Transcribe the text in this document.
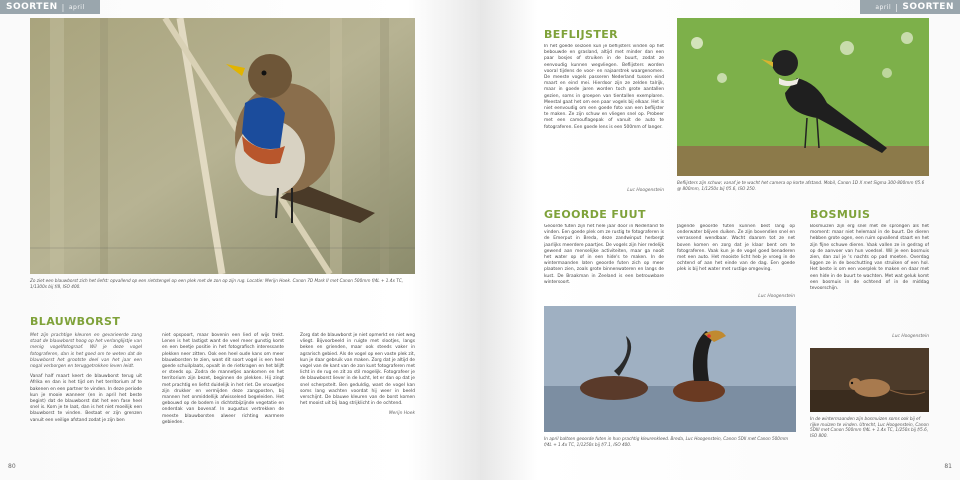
SOORTEN | april
Zo ziet een blauwborst zich het liefst: opvallend op een rietstengel op een plek met de zon op zijn rug. Locatie: Merijn Hoek. Canon 7D Mark II met Canon 500mm f/4L + 1.4x TC, 1/1300s bij f/8, ISO 400.
BLAUWBORST

Met zijn prachtige kleuren en gevarieerde zang staat de blauwborst hoog op het verlanglijstje van menig vogelfotograaf. Wil je deze vogel fotograferen, dan is het goed om te weten dat de blauwborst het grootste deel van het jaar een nogal verborgen en teruggetrokken leven leidt.

Vanaf half maart keert de blauwborst terug uit Afrika en dan is het tijd om het territorium af te bakenen en een partner te vinden. In deze periode kun je mooie wanneer (en in april het beste begint) dat de blauwborst dat het een fase heel snel is. Kom je te laat, dan is het niet moeilijk een blauwborst te vinden. Bestaat er zijn grenzen vanuit een veilige afstand zodat je zijn ben

niet opspoort, maar bovenin een lied of wijs trekt. Lenen is het lastigst want de veel meer gunstig komt en een beetje positie in het fotografisch interessante plekken neer zitten. Ook een heel oude kans om meer blauwborsten te zien, want dit soort vogel is een heel goede schuilplaats, opvalt in de rietkragen en het blijft er steeds op. Zodra de mannetjes aankomen en het territorium zijn bezet, beginnen de plekken. Hij zingt met prachtig en liefst duidelijk in het riet. De vrouwtjes zijn drukker en vermijden deze zangposten, bij mannen het onmiddellijk afwisselend begeleiden. Het gebouwd op de bodem in dichtstbijzijnde vegetatie en onderdak van bovenaf. In augustus vertrekken de meeste blauwborsten alweer richting warmere gebieden.

Zorg dat de blauwborst je niet opmerkt en niet weg vliegt. Bijvoorbeeld in ruigte met slootjes, langs beken en grienden, maar ook steeds vaker in agrarisch gebied. Als de vogel op een vaste plek zit, kun je daar gebruik van maken. Zorg dat je altijd de vogel van de kant van de zon kunt fotograferen met licht in de rug en zit zo stil mogelijk. Fotografeer je de blauwborst liever in de lucht, let er dan op dat je snel scherpstelt. Ben geduldig, want de vogel kan soms lang wachten voordat hij weer in beeld verschijnt. De blauwe kleuren van de borst komen het mooist uit bij laag strijklicht in de ochtend.

Merijn Hoek
80
april | SOORTEN
BEFLIJSTER

In het goede seizoen kun je beflijsters vinden op het bebouwde en grasland, altijd met minder dan een paar bosjes of struiken in de buurt, zodat ze eenvoudig kunnen wegvliegen. Beflijsters worden vooral tijdens de voor- en najaarstrek waargenomen. De meeste vogels passeren Nederland tussen eind maart en eind mei. Hierdoor zijn ze zelden talrijk, maar in goede jaren worden toch grote aantallen gezien, soms in groepen van tientallen exemplaren. Meestal gaat het om een paar vogels bij elkaar. Het is niet eenvoudig om een goede foto van een beflijster te maken. Ze zijn schuw en vliegen snel op. Probeer met een camouflagepak of vanuit de auto te fotograferen. Een goede lens is een 500mm of langer.

Luc Hoogenstein
Beflijsters zijn schuw; vanaf je te wacht het camera op korte afstand. Mobil, Canon 1D X met Sigma 300-800mm f/5.6 @ 800mm, 1/1250s bij f/5.6, ISO 250.
GEOORDE FUUT

Geoorde futen zijn het hele jaar door in Nederland te vinden. Een goede plek om ze rustig te fotograferen is de Emerput in Breda, deze zandwinput herbergt jaarlijks meerdere paartjes. De vogels zijn hier redelijk gewend aan menselijke activiteiten, maar ga nooit het water op of in een hide's te maken. In de wintermaanden laten geoorde futen zich op meer plaatsen zien, zoals grote binnenwateren en langs de kust. De Braakman in Zeeland is een betrouwbare wintersoort.

Jagende geoorde futen kunnen best lang op onderwater blijven duiken. Ze zijn bovendien snel en verrassend wendbaar. Wacht daarom tot ze net boven komen en zorg dat je klaar bent om te fotograferen. Vaak kun je de vogel goed benaderen met een auto. Het mooiste licht heb je vroeg in de ochtend of aan het einde van de dag. Een goede plek is bij het water met rustige omgeving.

Luc Hoogenstein
In april baltsen geoorde futen in hun prachtig kleurenkleed. Breda, Luc Hoogenstein, Canon 5DII met Canon 500mm f/4L + 1.4x TC, 1/1250s bij f/7.1, ISO 400.
BOSMUIS

Bosmuizen zijn erg snel met de sprongen als het moment: maar niet helemaal in de buurt. De dieren hebben grote ogen, een ruim opvallend staart en het zijn fijne schuwe dieren. Vaak vallen ze in gedrag of op de aanvoer van hun voedsel. Wil je een bosmuis zien, dan zul je 's nachts op pad moeten. Overdag liggen ze in de beschutting van struiken of een hol. Het beste is om een voerplek te maken en daar met een hide in de buurt te wachten. Met wat geluk komt een bosmuis in de ochtend of in de middag tevoorschijn.

Luc Hoogenstein
In de wintermaanden zijn bosmuizen soms ook bij ef rijke muizen te vinden. Utrecht, Luc Hoogenstein, Canon 5DIII met Canon 500mm f/4L + 1.4x TC, 1/250s bij f/5.6, ISO 800.
81
